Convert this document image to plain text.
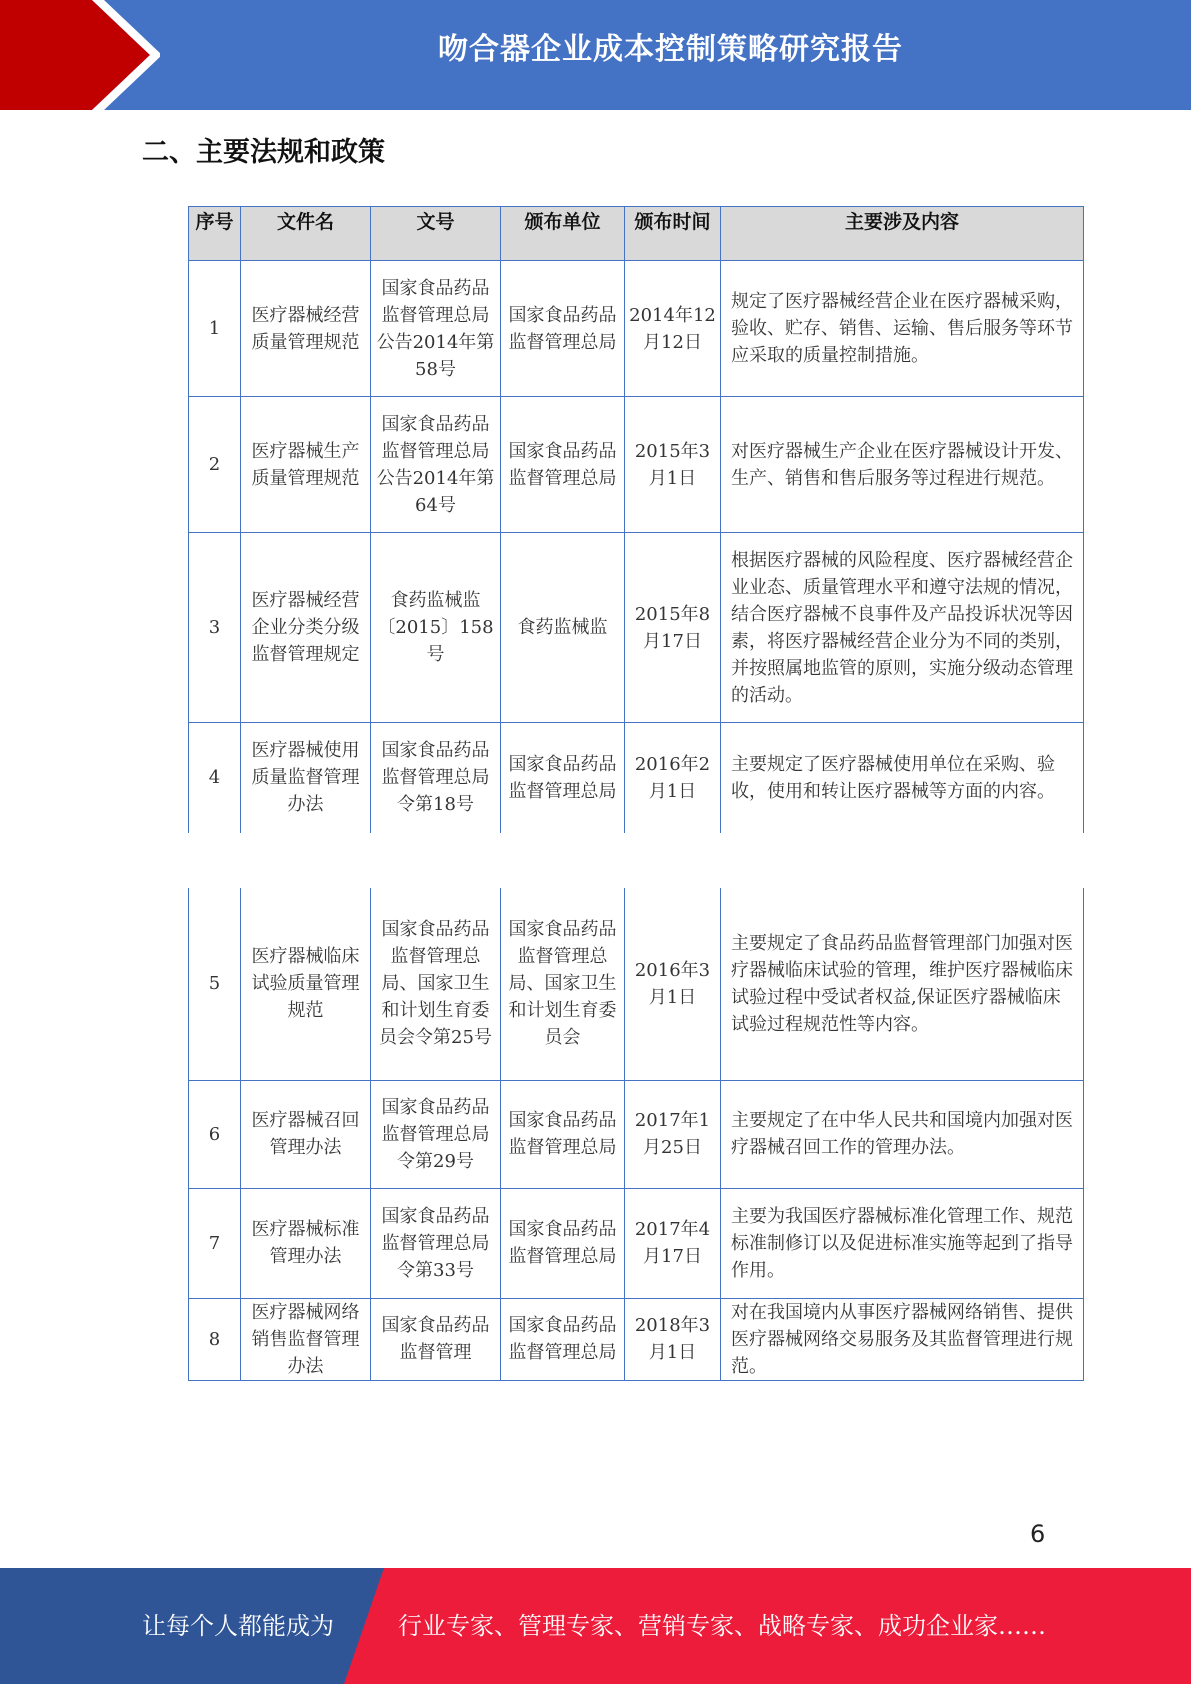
吻合器企业成本控制策略研究报告
二、主要法规和政策
序号	文件名	文号	颁布单位	颁布时间	主要涉及内容
1	医疗器械经营质量管理规范	国家食品药品监督管理总局公告2014年第58号	国家食品药品监督管理总局	2014年12月12日	规定了医疗器械经营企业在医疗器械采购，验收、贮存、销售、运输、售后服务等环节应采取的质量控制措施。
2	医疗器械生产质量管理规范	国家食品药品监督管理总局公告2014年第64号	国家食品药品监督管理总局	2015年3月1日	对医疗器械生产企业在医疗器械设计开发、生产、销售和售后服务等过程进行规范。
3	医疗器械经营企业分类分级监督管理规定	食药监械监〔2015〕158号	食药监械监	2015年8月17日	根据医疗器械的风险程度、医疗器械经营企业业态、质量管理水平和遵守法规的情况，结合医疗器械不良事件及产品投诉状况等因素，将医疗器械经营企业分为不同的类别，并按照属地监管的原则，实施分级动态管理的活动。
4	医疗器械使用质量监督管理办法	国家食品药品监督管理总局令第18号	国家食品药品监督管理总局	2016年2月1日	主要规定了医疗器械使用单位在采购、验收，使用和转让医疗器械等方面的内容。
5	医疗器械临床试验质量管理规范	国家食品药品监督管理总局、国家卫生和计划生育委员会令第25号	国家食品药品监督管理总局、国家卫生和计划生育委员会	2016年3月1日	主要规定了食品药品监督管理部门加强对医疗器械临床试验的管理，维护医疗器械临床试验过程中受试者权益,保证医疗器械临床试验过程规范性等内容。
6	医疗器械召回管理办法	国家食品药品监督管理总局令第29号	国家食品药品监督管理总局	2017年1月25日	主要规定了在中华人民共和国境内加强对医疗器械召回工作的管理办法。
7	医疗器械标准管理办法	国家食品药品监督管理总局令第33号	国家食品药品监督管理总局	2017年4月17日	主要为我国医疗器械标准化管理工作、规范标准制修订以及促进标准实施等起到了指导作用。
8	医疗器械网络销售监督管理办法	国家食品药品监督管理	国家食品药品监督管理总局	2018年3月1日	对在我国境内从事医疗器械网络销售、提供医疗器械网络交易服务及其监督管理进行规范。
6
让每个人都能成为	行业专家、管理专家、营销专家、战略专家、成功企业家……
